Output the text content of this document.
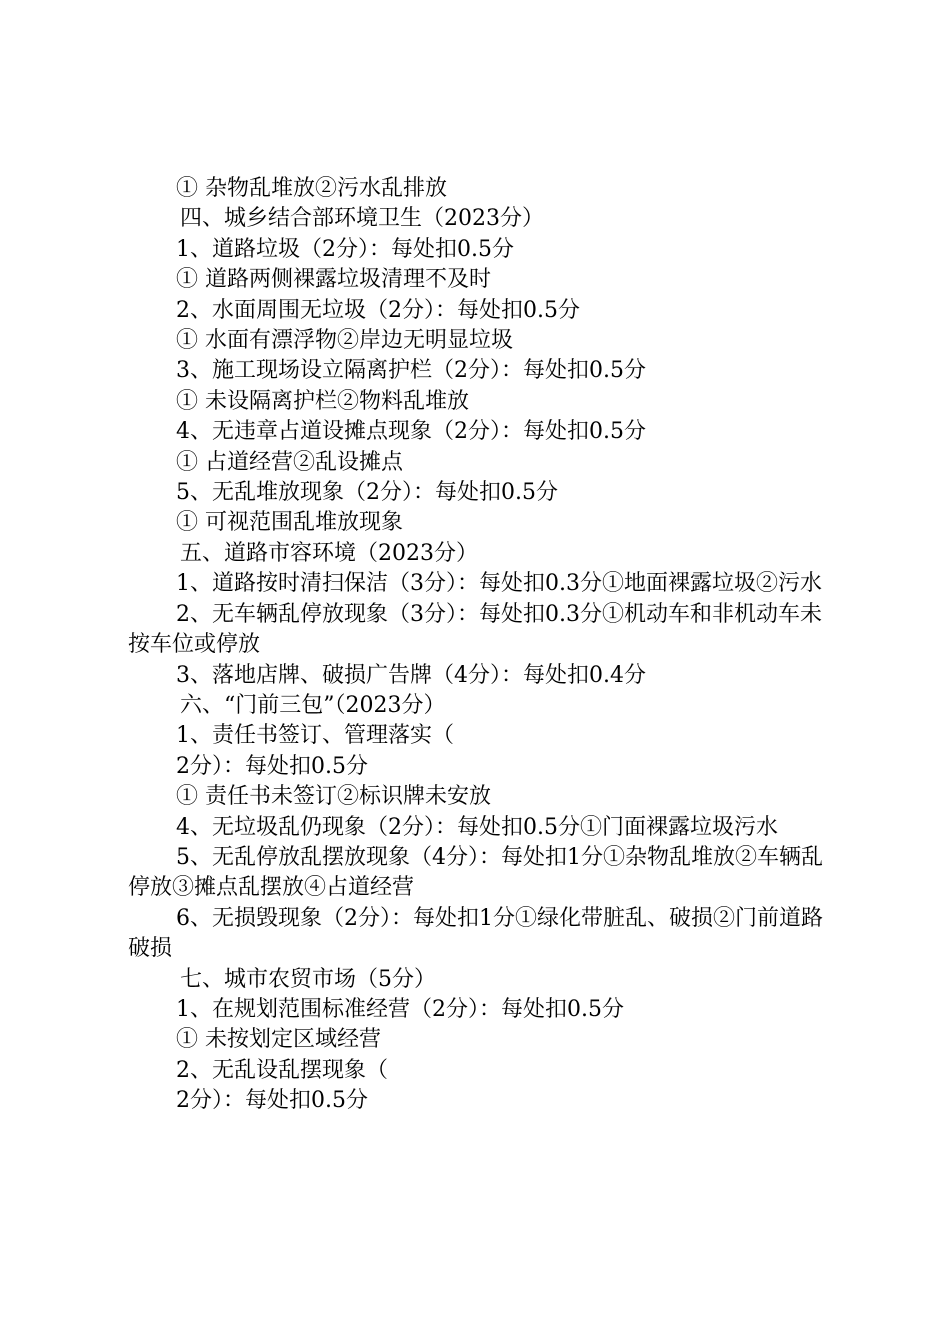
① 杂物乱堆放②污水乱排放

四、城乡结合部环境卫生（2023分）

1、道路垃圾（2分）：每处扣0.5分

① 道路两侧裸露垃圾清理不及时

2、水面周围无垃圾（2分）：每处扣0.5分

① 水面有漂浮物②岸边无明显垃圾

3、施工现场设立隔离护栏（2分）：每处扣0.5分

① 未设隔离护栏②物料乱堆放

4、无违章占道设摊点现象（2分）：每处扣0.5分

① 占道经营②乱设摊点

5、无乱堆放现象（2分）：每处扣0.5分

① 可视范围乱堆放现象

五、道路市容环境（2023分）

1、道路按时清扫保洁（3分）：每处扣0.3分①地面裸露垃圾②污水

2、无车辆乱停放现象（3分）：每处扣0.3分①机动车和非机动车未按车位或停放

3、落地店牌、破损广告牌（4分）：每处扣0.4分

六、“门前三包”（2023分）

1、责任书签订、管理落实（

2分）：每处扣0.5分

① 责任书未签订②标识牌未安放

4、无垃圾乱仍现象（2分）：每处扣0.5分①门面裸露垃圾污水

5、无乱停放乱摆放现象（4分）：每处扣1分①杂物乱堆放②车辆乱停放③摊点乱摆放④占道经营

6、无损毁现象（2分）：每处扣1分①绿化带脏乱、破损②门前道路破损

七、城市农贸市场（5分）

1、在规划范围标准经营（2分）：每处扣0.5分

① 未按划定区域经营

2、无乱设乱摆现象（

2分）：每处扣0.5分
